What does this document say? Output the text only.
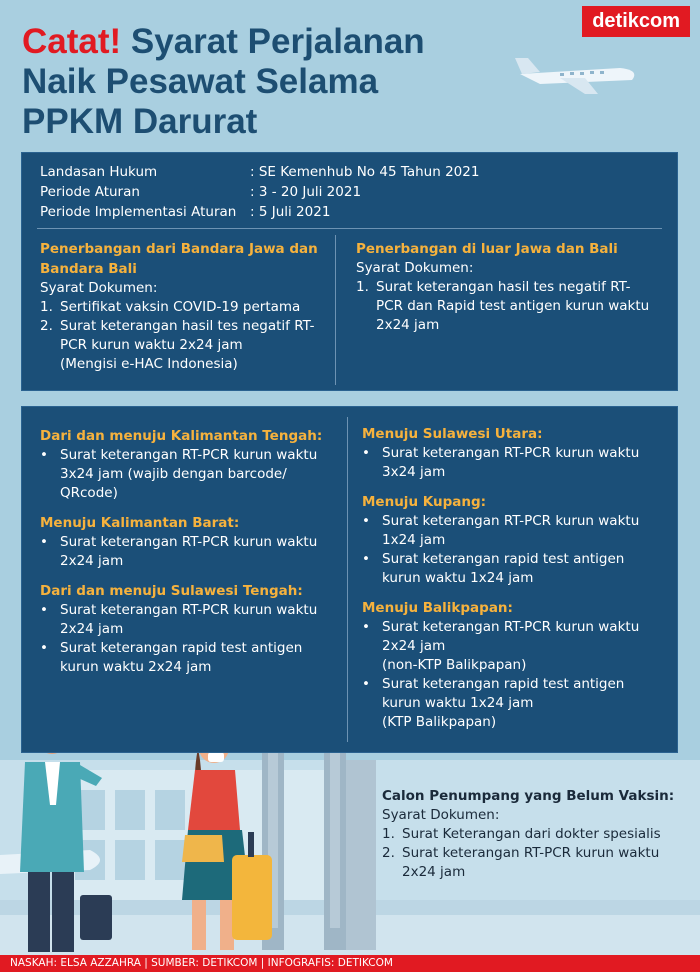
detikcom
Catat! Syarat Perjalanan
Naik Pesawat Selama
PPKM Darurat
Landasan Hukum	: SE Kemenhub No 45 Tahun 2021
Periode Aturan	: 3 - 20 Juli 2021
Periode Implementasi Aturan	: 5 Juli 2021
Penerbangan dari Bandara Jawa dan
Bandara Bali
Syarat Dokumen:
1. Sertifikat vaksin COVID-19 pertama
2. Surat keterangan hasil tes negatif RT-
PCR kurun waktu 2x24 jam
(Mengisi e-HAC Indonesia)
Penerbangan di luar Jawa dan Bali
Syarat Dokumen:
1. Surat keterangan hasil tes negatif RT-
PCR dan Rapid test antigen kurun waktu
2x24 jam
Dari dan menuju Kalimantan Tengah:
• Surat keterangan RT-PCR kurun waktu
3x24 jam (wajib dengan barcode/
QRcode)
Menuju Kalimantan Barat:
• Surat keterangan RT-PCR kurun waktu
2x24 jam
Dari dan menuju Sulawesi Tengah:
• Surat keterangan RT-PCR kurun waktu
2x24 jam
• Surat keterangan rapid test antigen
kurun waktu 2x24 jam
Menuju Sulawesi Utara:
• Surat keterangan RT-PCR kurun waktu
3x24 jam
Menuju Kupang:
• Surat keterangan RT-PCR kurun waktu
1x24 jam
• Surat keterangan rapid test antigen
kurun waktu 1x24 jam
Menuju Balikpapan:
• Surat keterangan RT-PCR kurun waktu
2x24 jam
(non-KTP Balikpapan)
• Surat keterangan rapid test antigen
kurun waktu 1x24 jam
(KTP Balikpapan)
Calon Penumpang yang Belum Vaksin:
Syarat Dokumen:
1. Surat Keterangan dari dokter spesialis
2. Surat keterangan RT-PCR kurun waktu
2x24 jam
NASKAH: ELSA AZZAHRA | SUMBER: DETIKCOM | INFOGRAFIS: DETIKCOM
